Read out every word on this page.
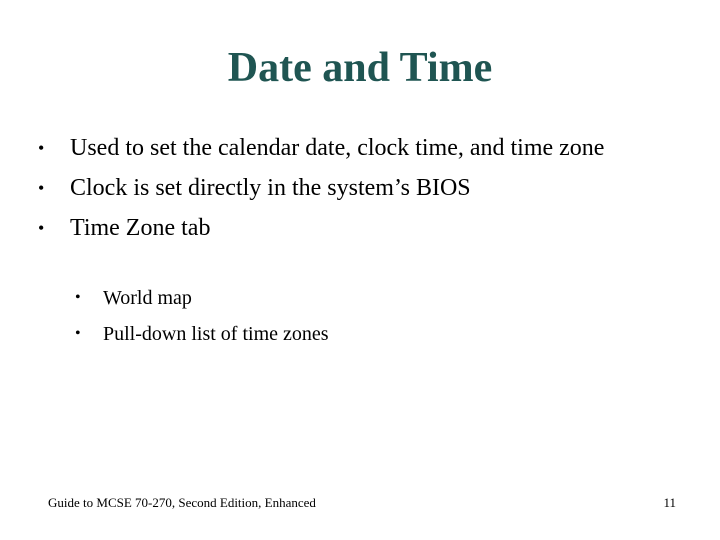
Date and Time
•	Used to set the calendar date, clock time, and time zone
•	Clock is set directly in the system’s BIOS
•	Time Zone tab
•	World map
•	Pull-down list of time zones
Guide to MCSE 70-270, Second Edition, Enhanced	11
